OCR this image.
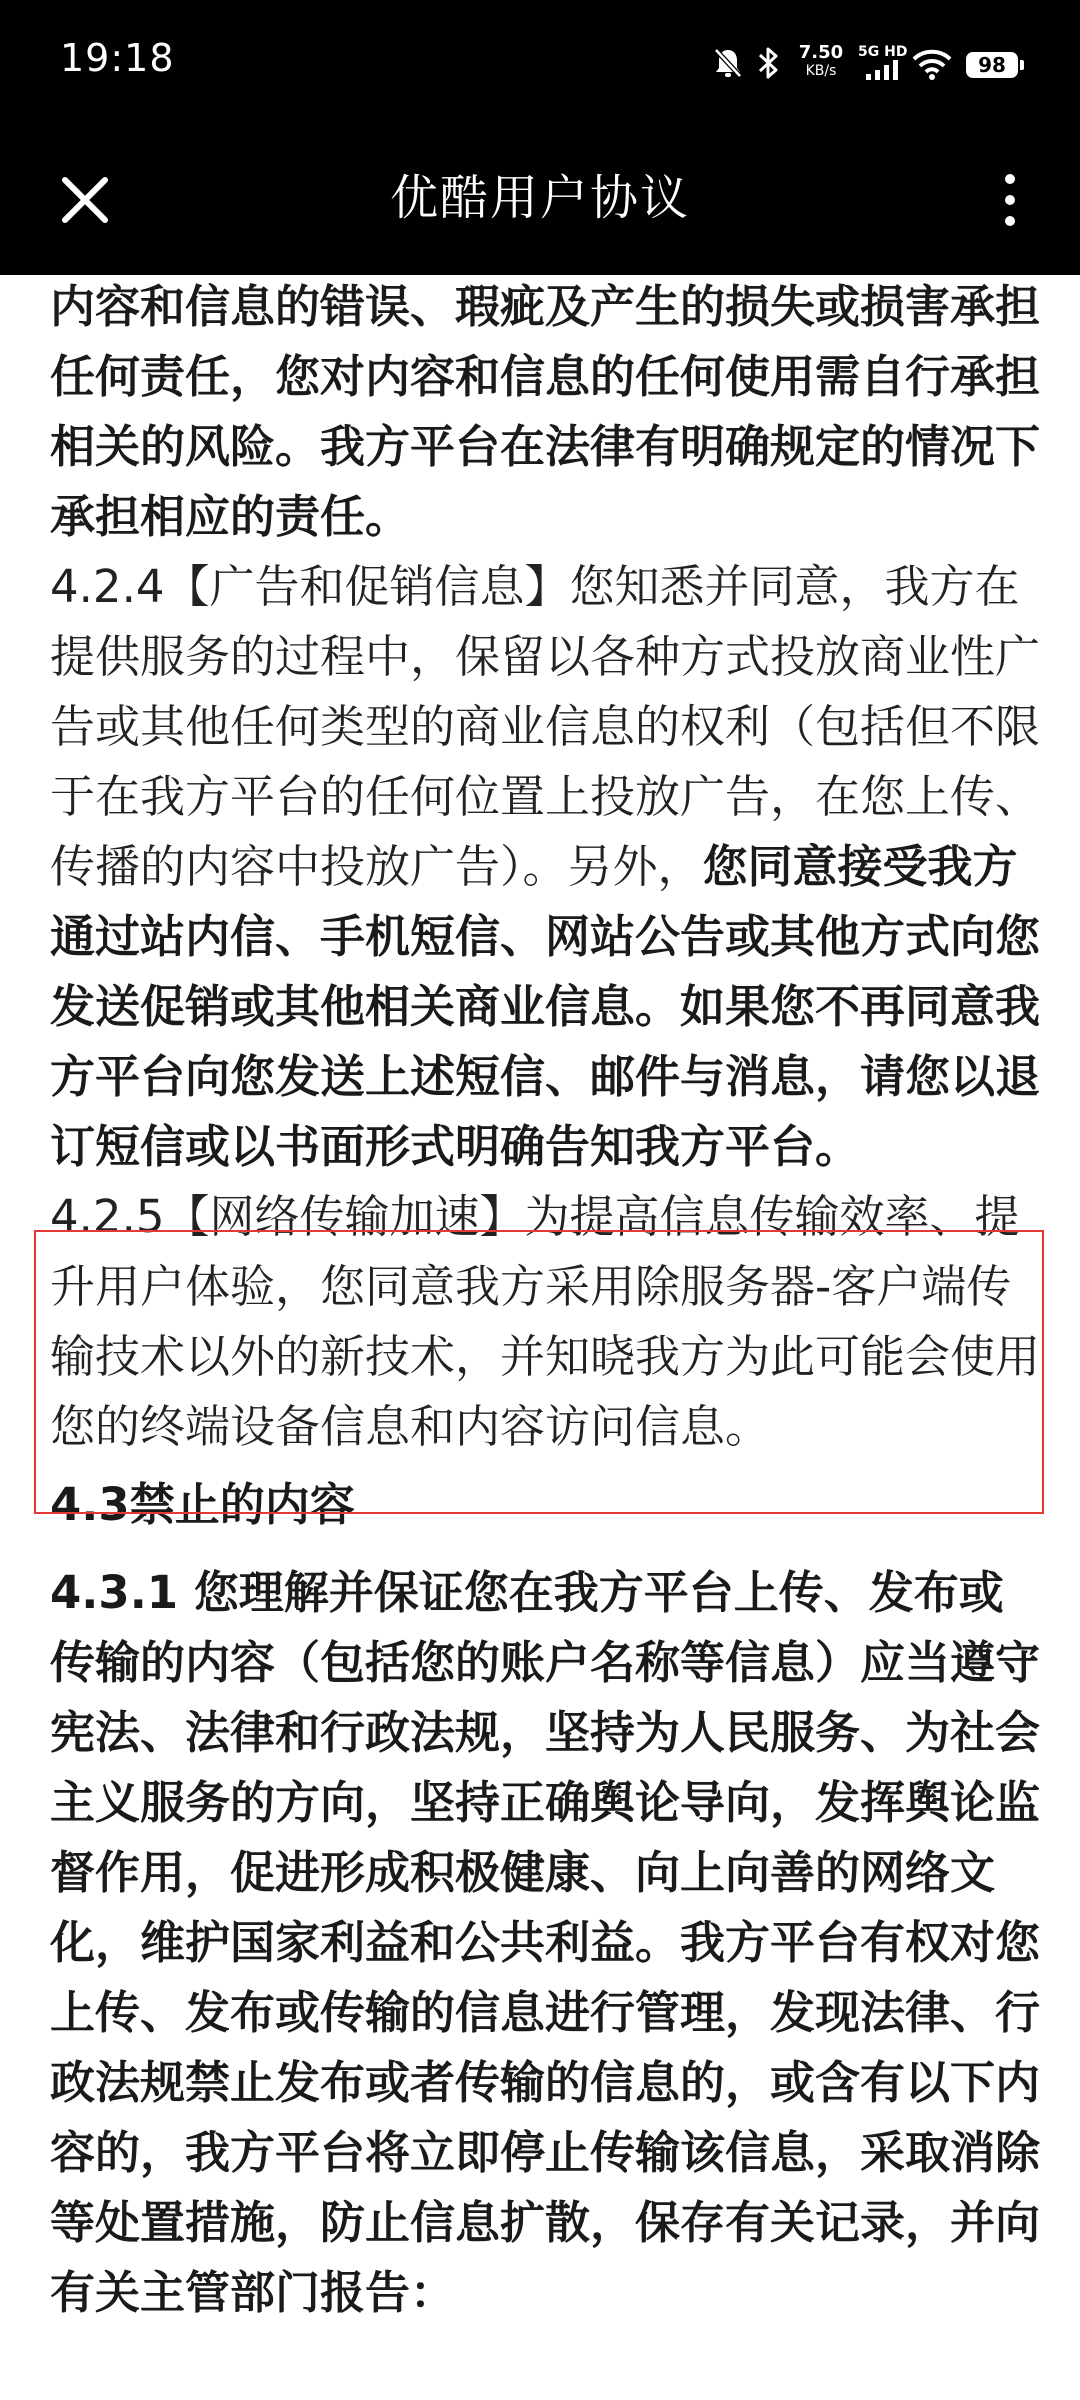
19:18	7.50
KB/s
5G HD
98
优酷用户协议

内容和信息的错误、瑕疵及产生的损失或损害承担任何责任，您对内容和信息的任何使用需自行承担相关的风险。我方平台在法律有明确规定的情况下承担相应的责任。

4.2.4【广告和促销信息】您知悉并同意，我方在提供服务的过程中，保留以各种方式投放商业性广告或其他任何类型的商业信息的权利（包括但不限于在我方平台的任何位置上投放广告，在您上传、传播的内容中投放广告）。另外，您同意接受我方通过站内信、手机短信、网站公告或其他方式向您发送促销或其他相关商业信息。如果您不再同意我方平台向您发送上述短信、邮件与消息，请您以退订短信或以书面形式明确告知我方平台。

4.2.5【网络传输加速】为提高信息传输效率、提升用户体验，您同意我方采用除服务器-客户端传输技术以外的新技术，并知晓我方为此可能会使用您的终端设备信息和内容访问信息。

4.3禁止的内容

4.3.1 您理解并保证您在我方平台上传、发布或传输的内容（包括您的账户名称等信息）应当遵守宪法、法律和行政法规，坚持为人民服务、为社会主义服务的方向，坚持正确舆论导向，发挥舆论监督作用，促进形成积极健康、向上向善的网络文化，维护国家利益和公共利益。我方平台有权对您上传、发布或传输的信息进行管理，发现法律、行政法规禁止发布或者传输的信息的，或含有以下内容的，我方平台将立即停止传输该信息，采取消除等处置措施，防止信息扩散，保存有关记录，并向有关主管部门报告：
